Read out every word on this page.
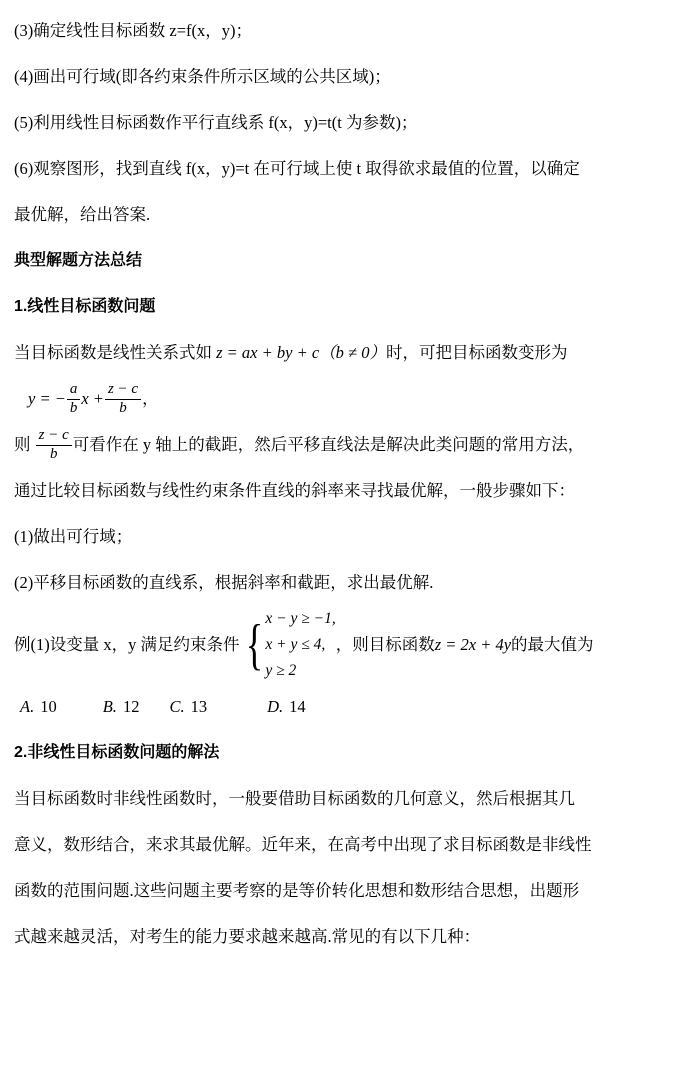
(3)确定线性目标函数 z=f(x，y)；
(4)画出可行域(即各约束条件所示区域的公共区域)；
(5)利用线性目标函数作平行直线系 f(x，y)=t(t 为参数)；
(6)观察图形，找到直线 f(x，y)=t 在可行域上使 t 取得欲求最值的位置，以确定
最优解，给出答案.
典型解题方法总结
1.线性目标函数问题
当目标函数是线性关系式如 z = ax + by + c（b ≠ 0）时，可把目标函数变形为
y = − $\frac{a}{b}$ $x + \frac{z - c}{b}$ ，
则 $\frac{z - c}{b}$ 可看作在 y 轴上的截距，然后平移直线法是解决此类问题的常用方法，
通过比较目标函数与线性约束条件直线的斜率来寻找最优解，一般步骤如下：
(1)做出可行域；
(2)平移目标函数的直线系，根据斜率和截距，求出最优解.
例(1)设变量 x，y 满足约束条件 { x − y ≥ −1,
x + y ≤ 4,
y ≥ 2
，则目标函数 z = 2x + 4y 的最大值为
A. 10	B. 12 C. 13	D. 14
2.非线性目标函数问题的解法
当目标函数时非线性函数时，一般要借助目标函数的几何意义，然后根据其几
意义，数形结合，来求其最优解。近年来，在高考中出现了求目标函数是非线性
函数的范围问题.这些问题主要考察的是等价转化思想和数形结合思想，出题形
式越来越灵活，对考生的能力要求越来越高.常见的有以下几种：
